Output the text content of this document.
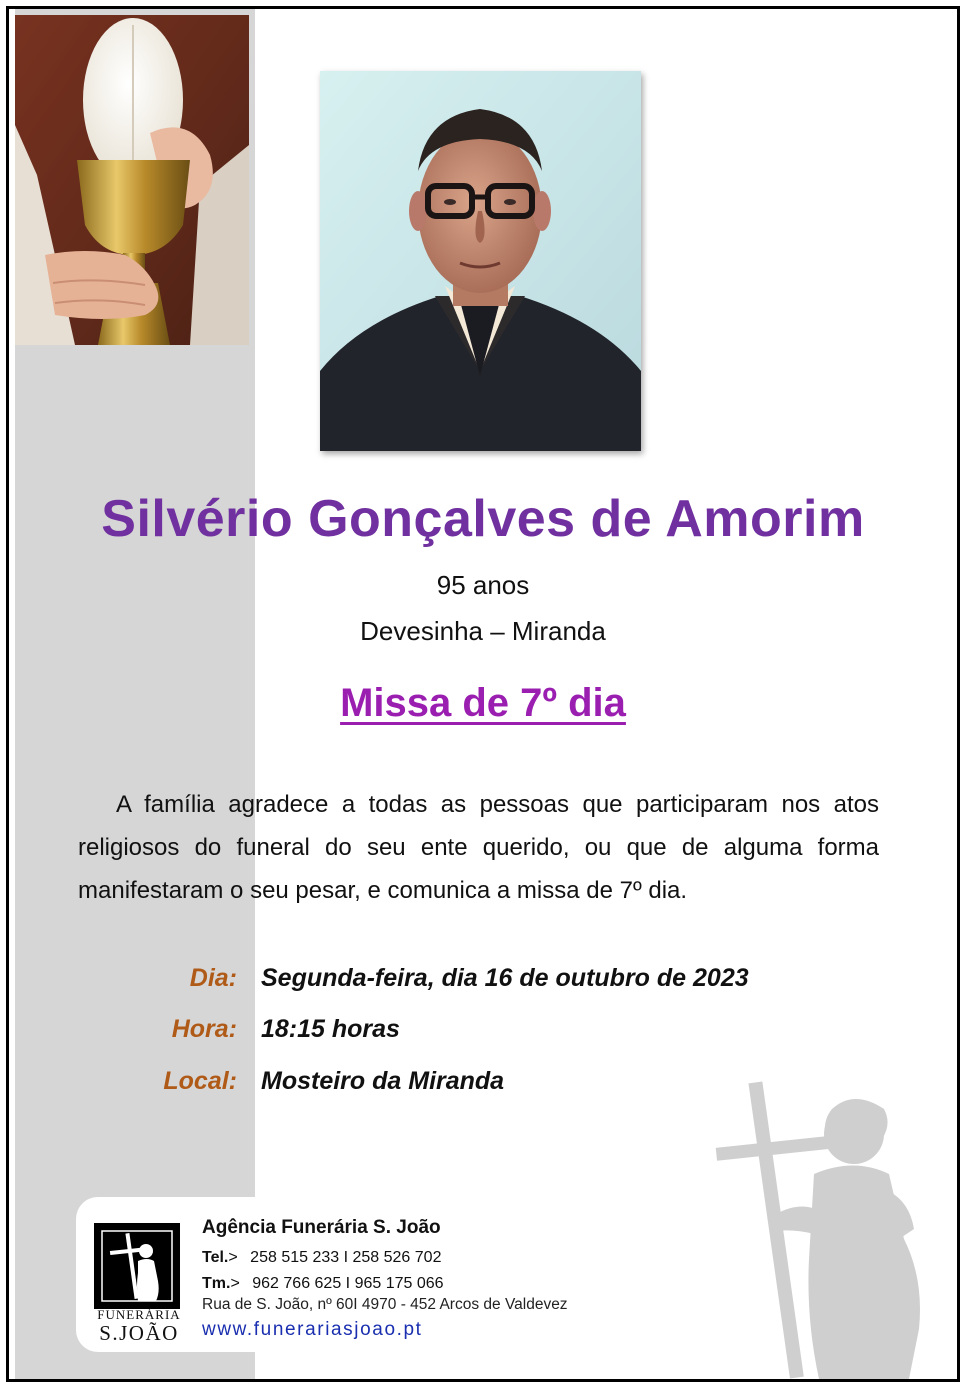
Silvério Gonçalves de Amorim
95 anos
Devesinha – Miranda
Missa de 7º dia
A família agradece a todas as pessoas que participaram nos atos religiosos do funeral do seu ente querido, ou que de alguma forma manifestaram o seu pesar, e comunica a missa de 7º dia.
Dia: Segunda-feira, dia 16 de outubro de 2023
Hora: 18:15 horas
Local: Mosteiro da Miranda
FUNERÁRIA
S.JOÃO
Agência Funerária S. João
Tel.> 258 515 233 I 258 526 702
Tm.> 962 766 625 I 965 175 066
Rua de S. João, nº 60I 4970 - 452 Arcos de Valdevez
www.funerariasjoao.pt
